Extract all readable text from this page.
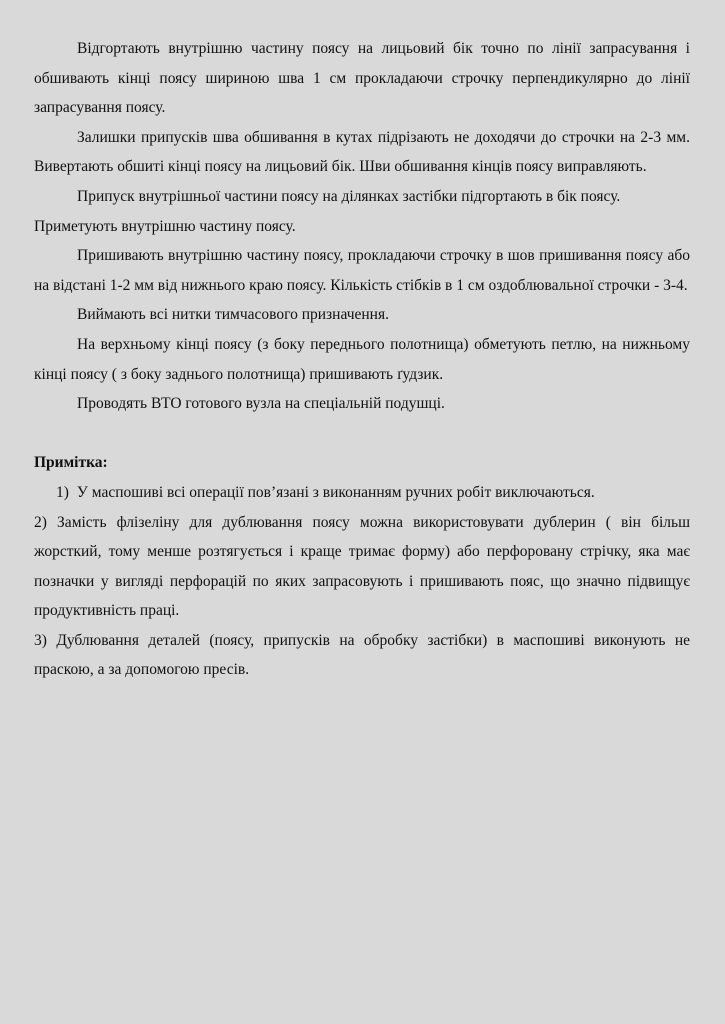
Відгортають внутрішню частину поясу на лицьовий бік точно по лінії запрасування і обшивають кінці поясу шириною шва 1 см прокладаючи строчку перпендикулярно до лінії запрасування поясу.

Залишки припусків шва обшивання в кутах підрізають не доходячи до строчки на 2-3 мм. Вивертають обшиті кінці поясу на лицьовий бік. Шви обшивання кінців поясу виправляють.

Припуск внутрішньої частини поясу на ділянках застібки підгортають в бік поясу.

Приметують внутрішню частину поясу.

Пришивають внутрішню частину поясу, прокладаючи строчку в шов пришивання поясу або на відстані 1-2 мм від нижнього краю поясу. Кількість стібків в 1 см оздоблювальної строчки - 3-4.

Виймають всі нитки тимчасового призначення.

На верхньому кінці поясу (з боку переднього полотнища) обметують петлю, на нижньому кінці поясу ( з боку заднього полотнища) пришивають ґудзик.

Проводять ВТО готового вузла на спеціальній подушці.

Примітка:

1) У маспошиві всі операції пов’язані з виконанням ручних робіт виключаються.

2) Замість флізеліну для дублювання поясу можна використовувати дублерин ( він більш жорсткий, тому менше розтягується і краще тримає форму) або перфоровану стрічку, яка має позначки у вигляді перфорацій по яких запрасовують і пришивають пояс, що значно підвищує продуктивність праці.

3) Дублювання деталей (поясу, припусків на обробку застібки) в маспошиві виконують не праскою, а за допомогою пресів.
